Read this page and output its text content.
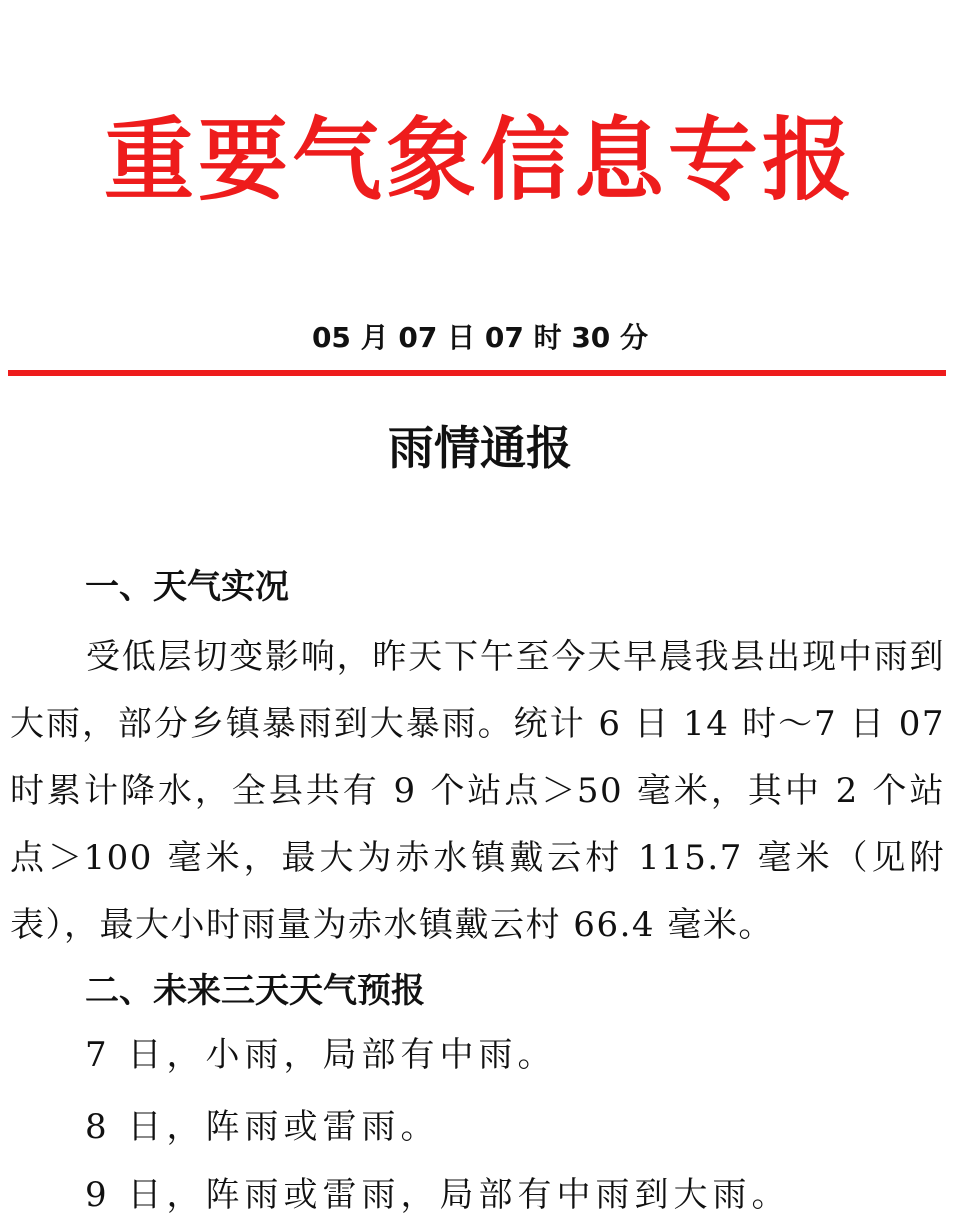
重要气象信息专报
05 月 07 日 07 时 30 分
雨情通报
一、天气实况
受低层切变影响，昨天下午至今天早晨我县出现中雨到大雨，部分乡镇暴雨到大暴雨。统计 6 日 14 时～7 日 07 时累计降水，全县共有 9 个站点＞50 毫米，其中 2 个站点＞100 毫米，最大为赤水镇戴云村 115.7 毫米（见附表），最大小时雨量为赤水镇戴云村 66.4 毫米。
二、未来三天天气预报
7 日，小雨，局部有中雨。
8 日，阵雨或雷雨。
9 日，阵雨或雷雨，局部有中雨到大雨。
